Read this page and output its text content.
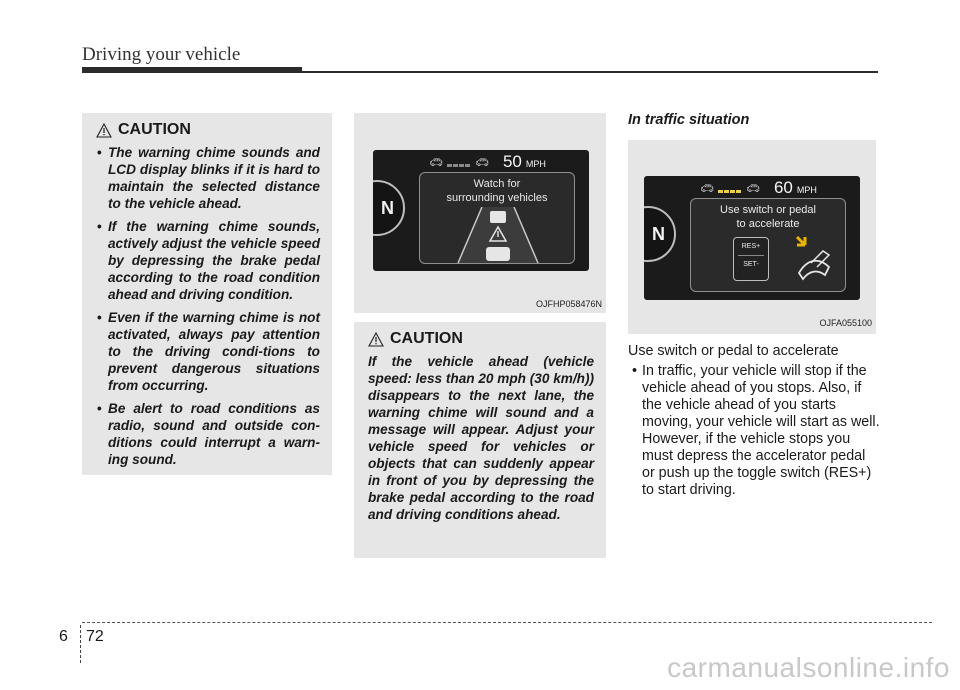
Driving your vehicle
CAUTION
• The warning chime sounds and LCD display blinks if it is hard to maintain the selected distance to the vehicle ahead.
• If the warning chime sounds, actively adjust the vehicle speed by depressing the brake pedal according to the road condition ahead and driving condition.
• Even if the warning chime is not activated, always pay attention to the driving condi-tions to prevent dangerous situations from occurring.
• Be alert to road conditions as radio, sound and outside con-ditions could interrupt a warn-ing sound.
N
🚗︎	🚗︎ 50 MPH
Watch for
surrounding vehicles
OJFHP058476N
CAUTION

If the vehicle ahead (vehicle speed: less than 20 mph (30 km/h)) disappears to the next lane, the warning chime will sound and a message will appear. Adjust your vehicle speed for vehicles or objects that can suddenly appear in front of you by depressing the brake pedal according to the road and driving conditions ahead.

In traffic situation
N
🚗︎	🚗︎ 60 MPH
Use switch or pedal
to accelerate
RES+
SET-
OJFA055100
Use switch or pedal to accelerate
• In traffic, your vehicle will stop if the vehicle ahead of you stops. Also, if the vehicle ahead of you starts moving, your vehicle will start as well. However, if the vehicle stops you must depress the accelerator pedal or push up the toggle switch (RES+) to start driving.
6 72
carmanualsonline.info
